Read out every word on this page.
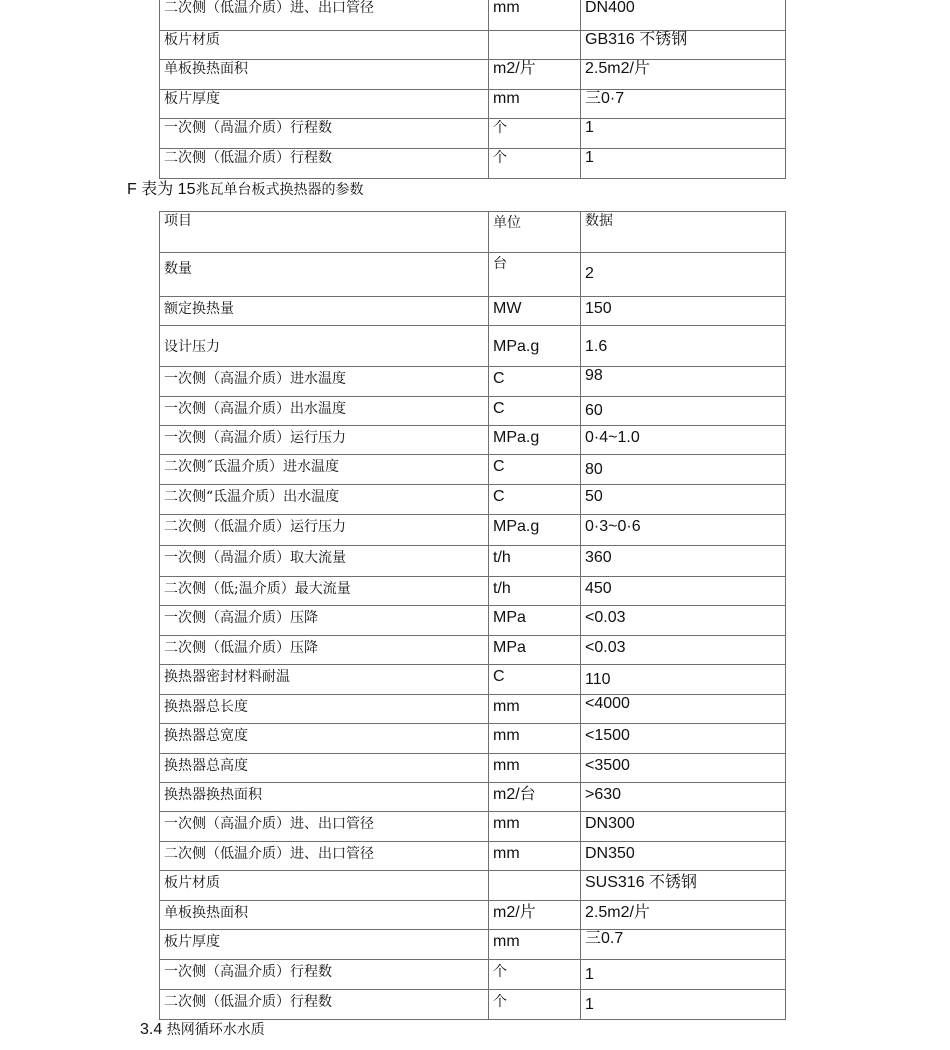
二次侧（低温介质）进、出口管径	mm	DN400
板片材质		GB316 不锈钢
单板换热面积	m2/片	2.5m2/片
板片厚度	mm	三0·7
一次侧（咼温介质）行程数	个	1
二次侧（低温介质）行程数	个	1
F 表为 15兆瓦单台板式换热器的参数
项目	单位	数据
数量	台	2
额定换热量	MW	150
设计压力	MPa.g	1.6
一次侧（高温介质）进水温度	C	98
一次侧（高温介质）出水温度	C	60
一次侧（高温介质）运行压力	MPa.g	0·4~1.0
二次侧˝氐温介质）进水温度	C	80
二次侧“氐温介质）出水温度	C	50
二次侧（低温介质）运行压力	MPa.g	0·3~0·6
一次侧（咼温介质）取大流量	t/h	360
二次侧（低;温介质）最大流量	t/h	450
一次侧（高温介质）压降	MPa	<0.03
二次侧（低温介质）压降	MPa	<0.03
换热器密封材料耐温	C	110
换热器总长度	mm	<4000
换热器总宽度	mm	<1500
换热器总高度	mm	<3500
换热器换热面积	m2/台	>630
一次侧（高温介质）进、出口管径	mm	DN300
二次侧（低温介质）进、出口管径	mm	DN350
板片材质		SUS316 不锈钢
单板换热面积	m2/片	2.5m2/片
板片厚度	mm	三0.7
一次侧（高温介质）行程数	个	1
二次侧（低温介质）行程数	个	1
3.4 热网循环水水质
